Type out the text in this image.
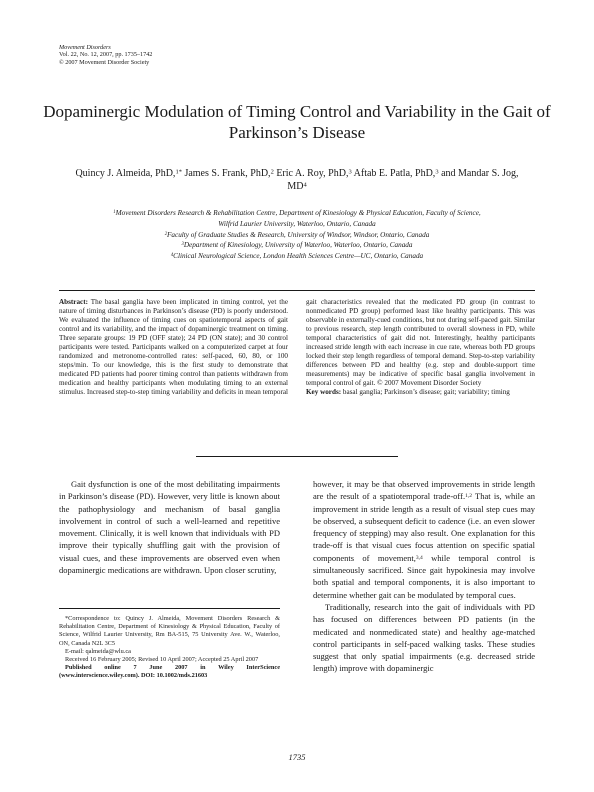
Movement Disorders
Vol. 22, No. 12, 2007, pp. 1735–1742
© 2007 Movement Disorder Society
Dopaminergic Modulation of Timing Control and Variability in the Gait of Parkinson’s Disease
Quincy J. Almeida, PhD,$^{1*}$ James S. Frank, PhD,$^2$ Eric A. Roy, PhD,$^3$ Aftab E. Patla, PhD,$^3$ and Mandar S. Jog, $MD^4$
$^1$Movement Disorders Research & Rehabilitation Centre, Department of Kinesiology & Physical Education, Faculty of Science,
Wilfrid Laurier University, Waterloo, Ontario, Canada
$^2$Faculty of Graduate Studies & Research, University of Windsor, Windsor, Ontario, Canada
$^3$Department of Kinesiology, University of Waterloo, Waterloo, Ontario, Canada
$^4$Clinical Neurological Science, London Health Sciences Centre—UC, Ontario, Canada
Abstract: The basal ganglia have been implicated in timing control, yet the nature of timing disturbances in Parkinson’s disease (PD) is poorly understood. We evaluated the influence of timing cues on spatiotemporal aspects of gait control and its variability, and the impact of dopaminergic treatment on timing. Three separate groups: 19 PD (OFF state); 24 PD (ON state); and 30 control participants were tested. Participants walked on a computerized carpet at four randomized and metronome-controlled rates: self-paced, 60, 80, or 100 steps/min. To our knowledge, this is the first study to demonstrate that medicated PD patients had poorer timing control than patients withdrawn from medication and healthy participants when modulating timing to an external stimulus. Increased step-to-step timing variability and deficits in mean temporal gait characteristics revealed that the medicated PD group (in contrast to nonmedicated PD group) performed least like healthy participants. This was observable in externally-cued conditions, but not during self-paced gait. Similar to previous research, step length contributed to overall slowness in PD, while temporal characteristics of gait did not. Interestingly, healthy participants increased stride length with each increase in cue rate, whereas both PD groups locked their step length regardless of temporal demand. Step-to-step variability differences between PD and healthy (e.g. step and double-support time measurements) may be indicative of specific basal ganglia involvement in temporal control of gait. © 2007 Movement Disorder Society
Key words: basal ganglia; Parkinson’s disease; gait; variability; timing

Gait dysfunction is one of the most debilitating impairments in Parkinson’s disease (PD). However, very little is known about the pathophysiology and mechanism of basal ganglia involvement in control of such a well-learned and repetitive movement. Clinically, it is well known that individuals with PD improve their typically shuffling gait with the provision of visual cues, and these improvements are observed even when dopaminergic medications are withdrawn. Upon closer scrutiny,

however, it may be that observed improvements in stride length are the result of a spatiotemporal trade-off.$^{1,2}$ That is, while an improvement in stride length as a result of visual step cues may be observed, a subsequent deficit to cadence (i.e. an even slower frequency of stepping) may also result. One explanation for this trade-off is that visual cues focus attention on specific spatial components of movement,$^{3,4}$ while temporal control is simultaneously sacrificed. Since gait hypokinesia may involve both spatial and temporal components, it is also important to determine whether gait can be modulated by temporal cues.

Traditionally, research into the gait of individuals with PD has focused on differences between PD patients (in the medicated and nonmedicated state) and healthy age-matched control participants in self-paced walking tasks. These studies suggest that only spatial impairments (e.g. decreased stride length) improve with dopaminergic

*Correspondence to: Quincy J. Almeida, Movement Disorders Research & Rehabilitation Centre, Department of Kinesiology & Physical Education, Faculty of Science, Wilfrid Laurier University, Rm BA-515, 75 University Ave. W., Waterloo, ON, Canada N2L 3C5

E-mail: qalmeida@wlu.ca

Received 16 February 2005; Revised 10 April 2007; Accepted 25 April 2007

Published online 7 June 2007 in Wiley InterScience (www.interscience.wiley.com). DOI: 10.1002/mds.21603

1735
